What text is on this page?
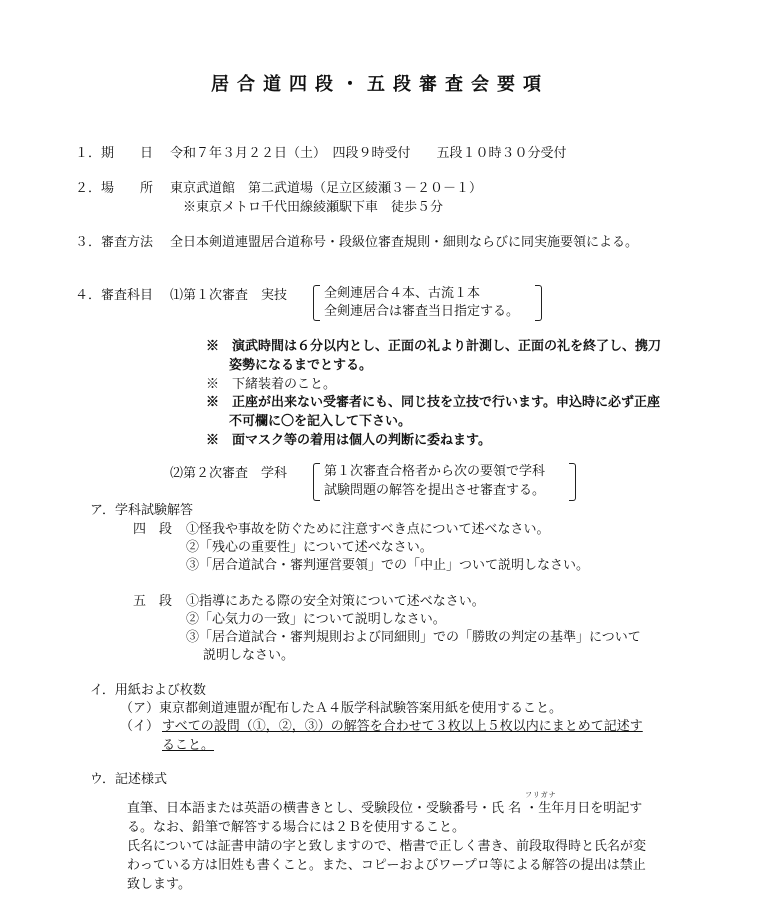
居合道四段・五段審査会要項
１．期　　日 令和７年３月２２日（土）　四段９時受付　　五段１０時３０分受付
２．場　　所 東京武道館　第二武道場（足立区綾瀬３－２０－１）
※東京メトロ千代田線綾瀬駅下車　徒歩５分
３．審査方法 全日本剣道連盟居合道称号・段級位審査規則・細則ならびに同実施要領による。
４．審査科目 ⑴第１次審査　実技	全剣連居合４本、古流１本
全剣連居合は審査当日指定する。
※　演武時間は６分以内とし、正面の礼より計測し、正面の礼を終了し、携刀
姿勢になるまでとする。
※　下緒装着のこと。
※　正座が出来ない受審者にも、同じ技を立技で行います。申込時に必ず正座
不可欄に〇を記入して下さい。
※　面マスク等の着用は個人の判断に委ねます。
⑵第２次審査　学科	第１次審査合格者から次の要領で学科
試験問題の解答を提出させ審査する。
ア．学科試験解答
四　段 ①怪我や事故を防ぐために注意すべき点について述べなさい。
②「残心の重要性」について述べなさい。
③「居合道試合・審判運営要領」での「中止」ついて説明しなさい。
五　段 ①指導にあたる際の安全対策について述べなさい。
②「心気力の一致」について説明しなさい。
③「居合道試合・審判規則および同細則」での「勝敗の判定の基準」について
説明しなさい。
イ．用紙および枚数
（ア）東京都剣道連盟が配布したＡ４版学科試験答案用紙を使用すること。
（イ） すべての設問（①，②，③）の解答を合わせて３枚以上５枚以内にまとめて記述す
ること。
ウ．記述様式
フリガナ
直筆、日本語または英語の横書きとし、受験段位・受験番号・氏 名 ・生年月日を明記す
る。なお、鉛筆で解答する場合には２Ｂを使用すること。
氏名については証書申請の字と致しますので、楷書で正しく書き、前段取得時と氏名が変
わっている方は旧姓も書くこと。また、コピーおよびワープロ等による解答の提出は禁止
致します。
